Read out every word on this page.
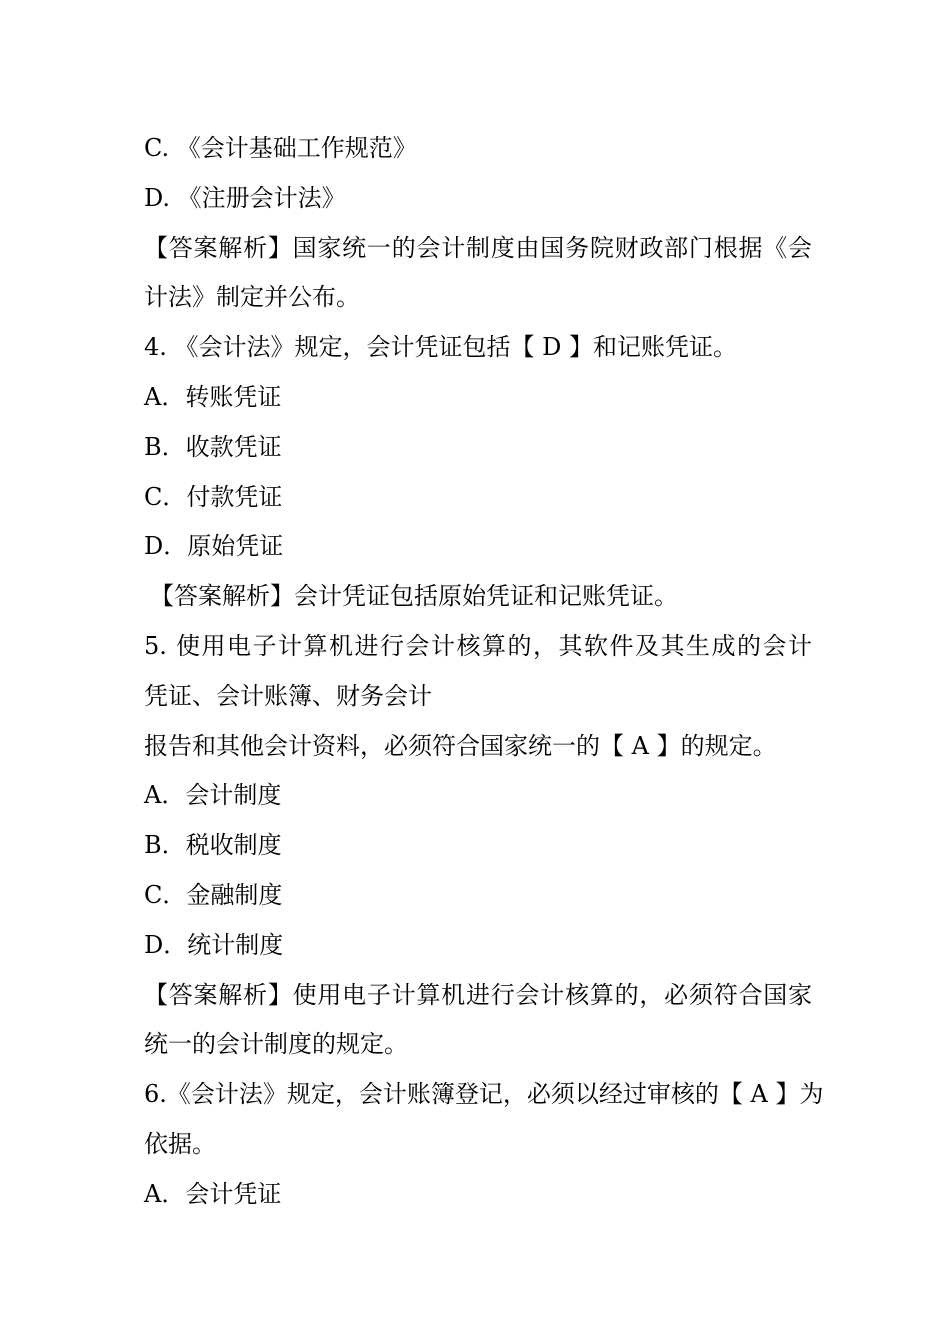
C. 《会计基础工作规范》
D. 《注册会计法》
【答案解析】国家统一的会计制度由国务院财政部门根据《会
计法》制定并公布。
4. 《会计法》规定，会计凭证包括【 D 】和记账凭证。
A．转账凭证
B．收款凭证
C．付款凭证
D．原始凭证
【答案解析】会计凭证包括原始凭证和记账凭证。
5. 使用电子计算机进行会计核算的，其软件及其生成的会计
凭证、会计账簿、财务会计
报告和其他会计资料，必须符合国家统一的【 A 】的规定。
A．会计制度
B．税收制度
C．金融制度
D．统计制度
【答案解析】使用电子计算机进行会计核算的，必须符合国家
统一的会计制度的规定。
6.《会计法》规定，会计账簿登记，必须以经过审核的【 A 】为
依据。
A．会计凭证
